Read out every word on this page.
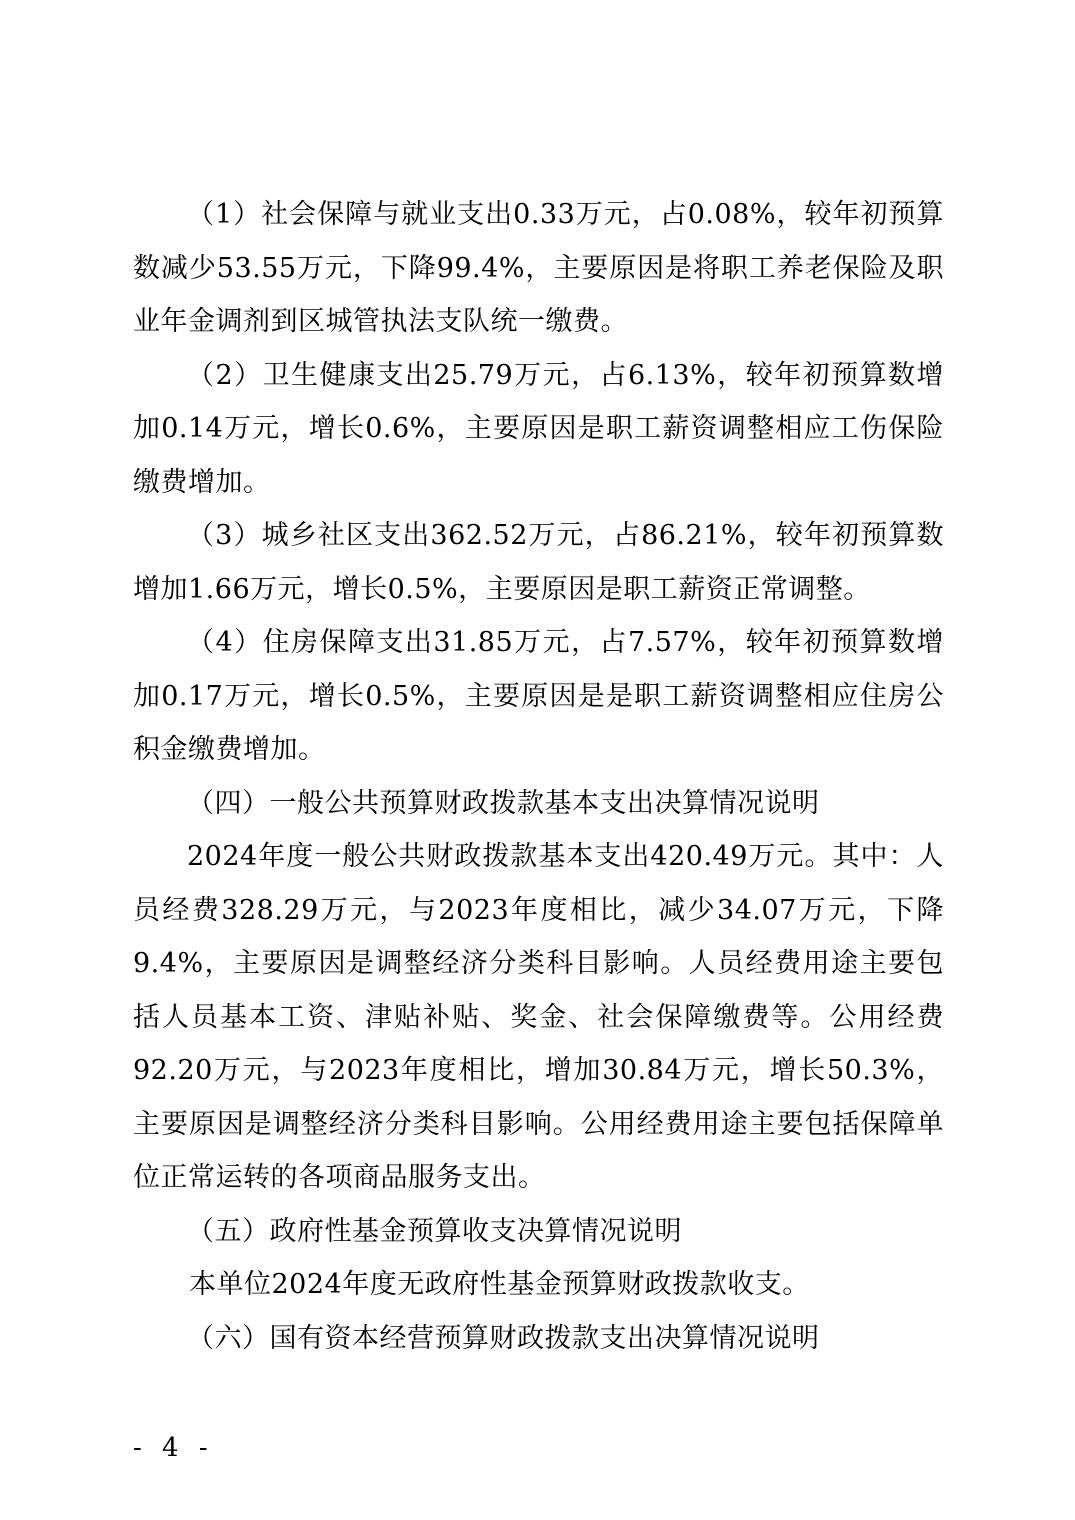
（1）社会保障与就业支出0.33万元，占0.08%，较年初预算数减少53.55万元，下降99.4%，主要原因是将职工养老保险及职业年金调剂到区城管执法支队统一缴费。

（2）卫生健康支出25.79万元，占6.13%，较年初预算数增加0.14万元，增长0.6%，主要原因是职工薪资调整相应工伤保险缴费增加。

（3）城乡社区支出362.52万元，占86.21%，较年初预算数增加1.66万元，增长0.5%，主要原因是职工薪资正常调整。

（4）住房保障支出31.85万元，占7.57%，较年初预算数增加0.17万元，增长0.5%，主要原因是是职工薪资调整相应住房公积金缴费增加。

（四）一般公共预算财政拨款基本支出决算情况说明

2024年度一般公共财政拨款基本支出420.49万元。其中：人员经费328.29万元，与2023年度相比，减少34.07万元，下降9.4%，主要原因是调整经济分类科目影响。人员经费用途主要包括人员基本工资、津贴补贴、奖金、社会保障缴费等。公用经费92.20万元，与2023年度相比，增加30.84万元，增长50.3%，主要原因是调整经济分类科目影响。公用经费用途主要包括保障单位正常运转的各项商品服务支出。

（五）政府性基金预算收支决算情况说明

本单位2024年度无政府性基金预算财政拨款收支。

（六）国有资本经营预算财政拨款支出决算情况说明

- 4 -
